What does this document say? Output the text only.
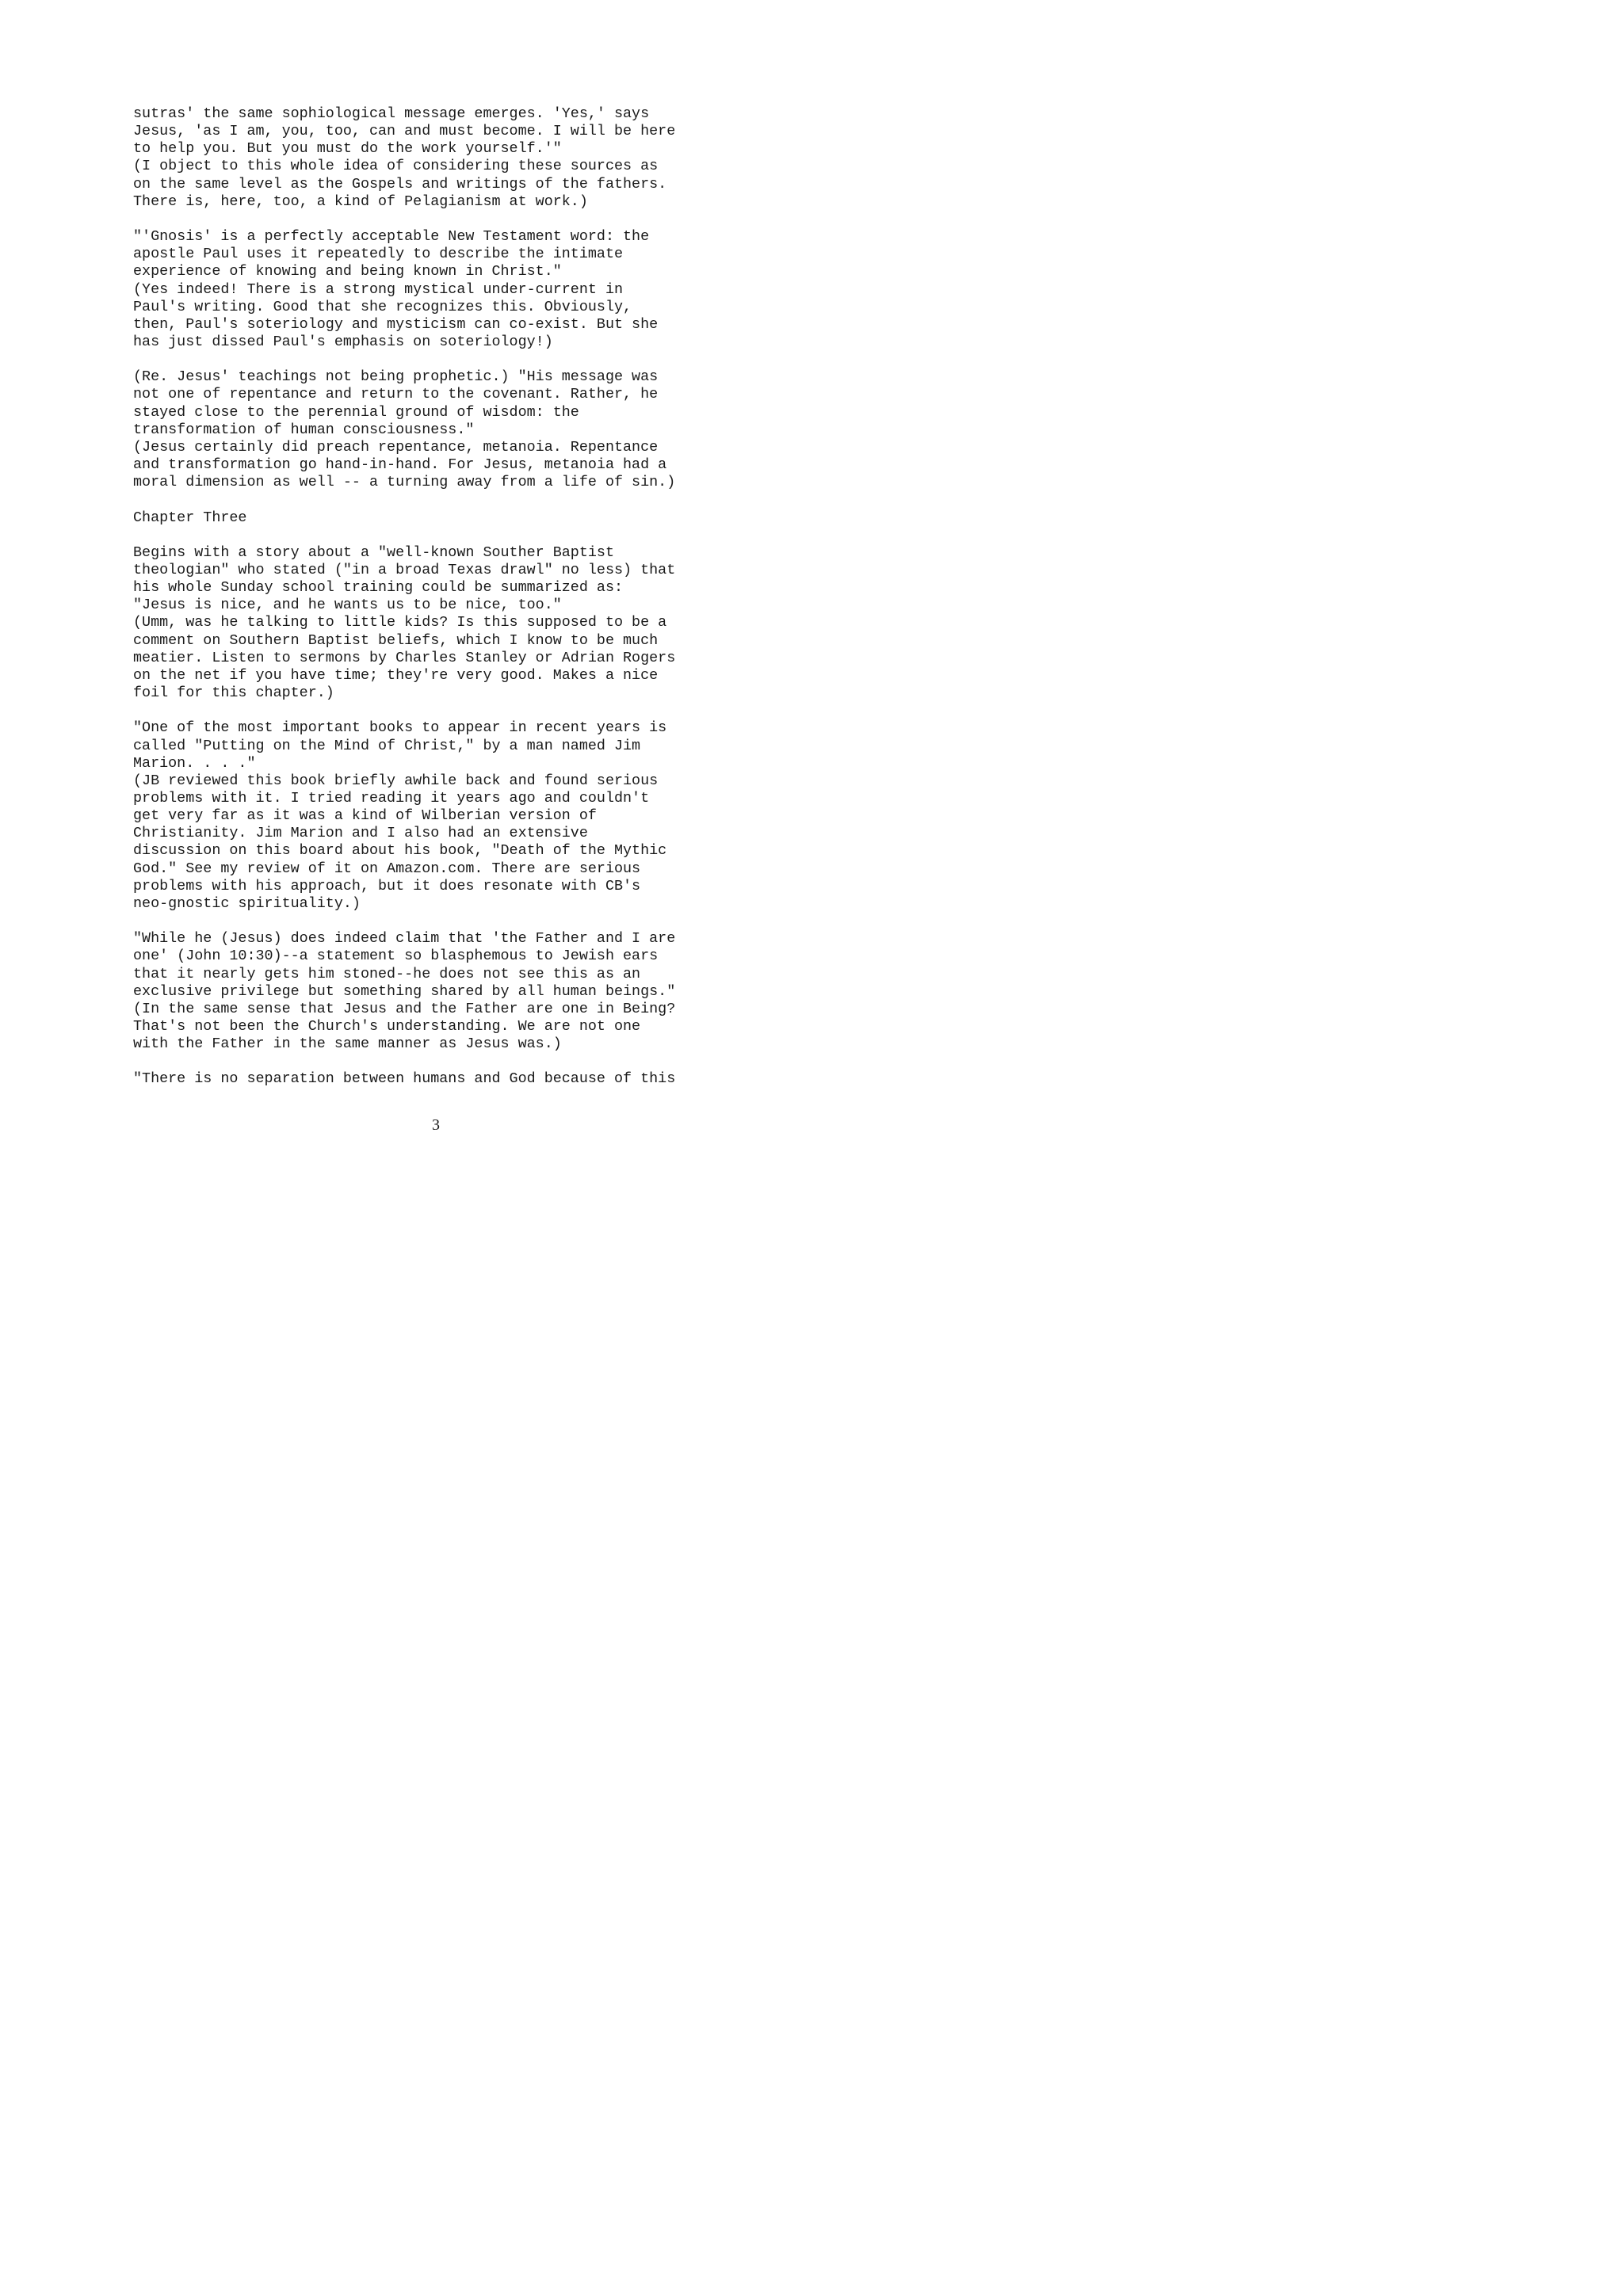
sutras' the same sophiological message emerges. 'Yes,' says
Jesus, 'as I am, you, too, can and must become. I will be here
to help you. But you must do the work yourself.'"
(I object to this whole idea of considering these sources as
on the same level as the Gospels and writings of the fathers.
There is, here, too, a kind of Pelagianism at work.)
"'Gnosis' is a perfectly acceptable New Testament word: the
apostle Paul uses it repeatedly to describe the intimate
experience of knowing and being known in Christ."
(Yes indeed! There is a strong mystical under-current in
Paul's writing. Good that she recognizes this. Obviously,
then, Paul's soteriology and mysticism can co-exist. But she
has just dissed Paul's emphasis on soteriology!)
(Re. Jesus' teachings not being prophetic.) "His message was
not one of repentance and return to the covenant. Rather, he
stayed close to the perennial ground of wisdom: the
transformation of human consciousness."
(Jesus certainly did preach repentance, metanoia. Repentance
and transformation go hand-in-hand. For Jesus, metanoia had a
moral dimension as well -- a turning away from a life of sin.)
Chapter Three
Begins with a story about a "well-known Souther Baptist
theologian" who stated ("in a broad Texas drawl" no less) that
his whole Sunday school training could be summarized as:
"Jesus is nice, and he wants us to be nice, too."
(Umm, was he talking to little kids? Is this supposed to be a
comment on Southern Baptist beliefs, which I know to be much
meatier. Listen to sermons by Charles Stanley or Adrian Rogers
on the net if you have time; they're very good. Makes a nice
foil for this chapter.)
"One of the most important books to appear in recent years is
called "Putting on the Mind of Christ," by a man named Jim
Marion. . . ."
(JB reviewed this book briefly awhile back and found serious
problems with it. I tried reading it years ago and couldn't
get very far as it was a kind of Wilberian version of
Christianity. Jim Marion and I also had an extensive
discussion on this board about his book, "Death of the Mythic
God." See my review of it on Amazon.com. There are serious
problems with his approach, but it does resonate with CB's
neo-gnostic spirituality.)
"While he (Jesus) does indeed claim that 'the Father and I are
one' (John 10:30)--a statement so blasphemous to Jewish ears
that it nearly gets him stoned--he does not see this as an
exclusive privilege but something shared by all human beings."
(In the same sense that Jesus and the Father are one in Being?
That's not been the Church's understanding. We are not one
with the Father in the same manner as Jesus was.)
"There is no separation between humans and God because of this
3
